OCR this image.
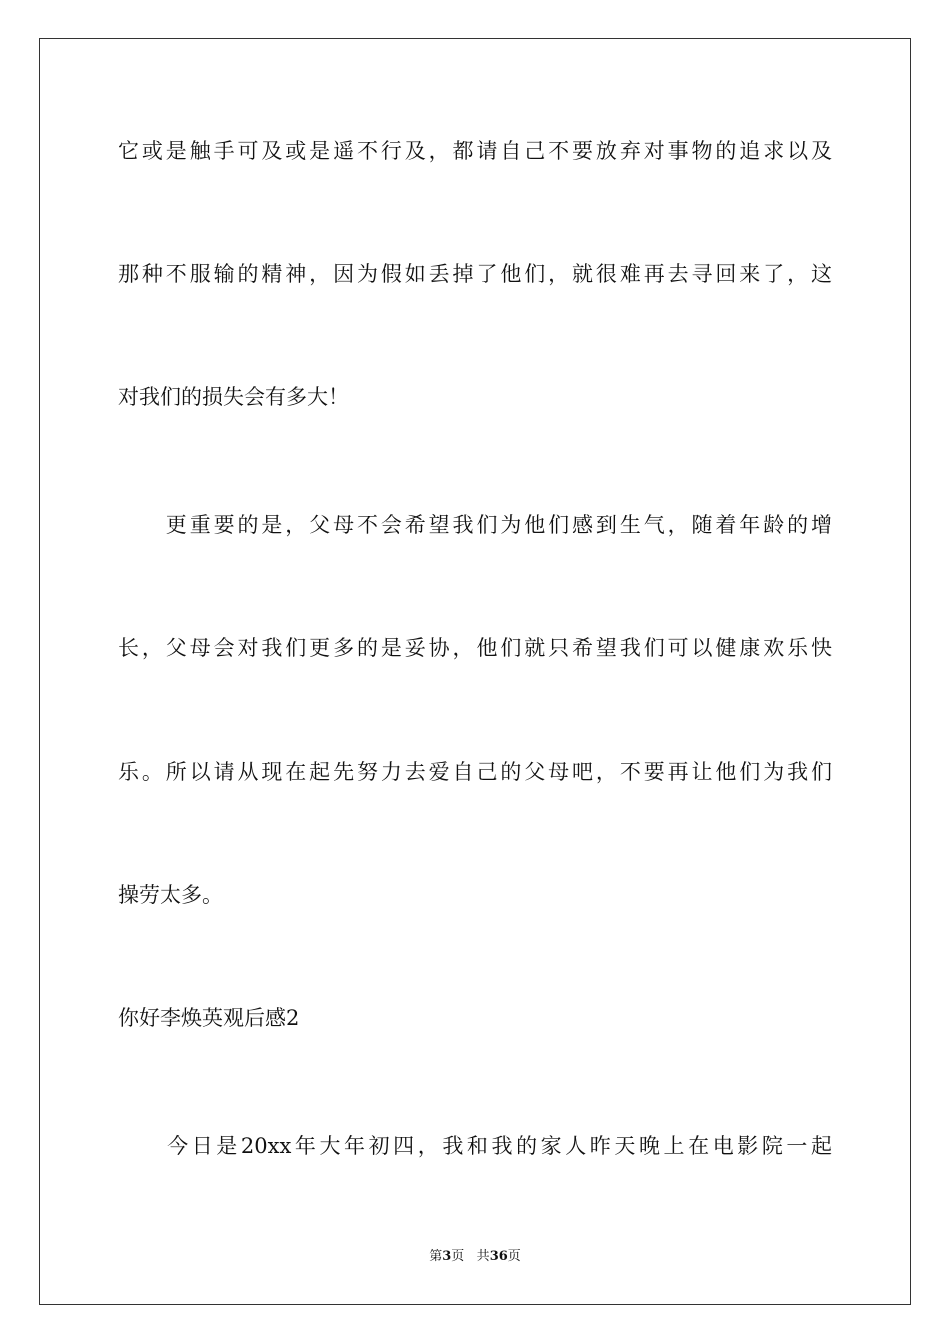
它或是触手可及或是遥不行及，都请自己不要放弃对事物的追求以及

那种不服输的精神，因为假如丢掉了他们，就很难再去寻回来了，这

对我们的损失会有多大！

　　更重要的是，父母不会希望我们为他们感到生气，随着年龄的增

长，父母会对我们更多的是妥协，他们就只希望我们可以健康欢乐快

乐。所以请从现在起先努力去爱自己的父母吧，不要再让他们为我们

操劳太多。

你好李焕英观后感2

　　今日是20xx年大年初四，我和我的家人昨天晚上在电影院一起

第3页 共36页
